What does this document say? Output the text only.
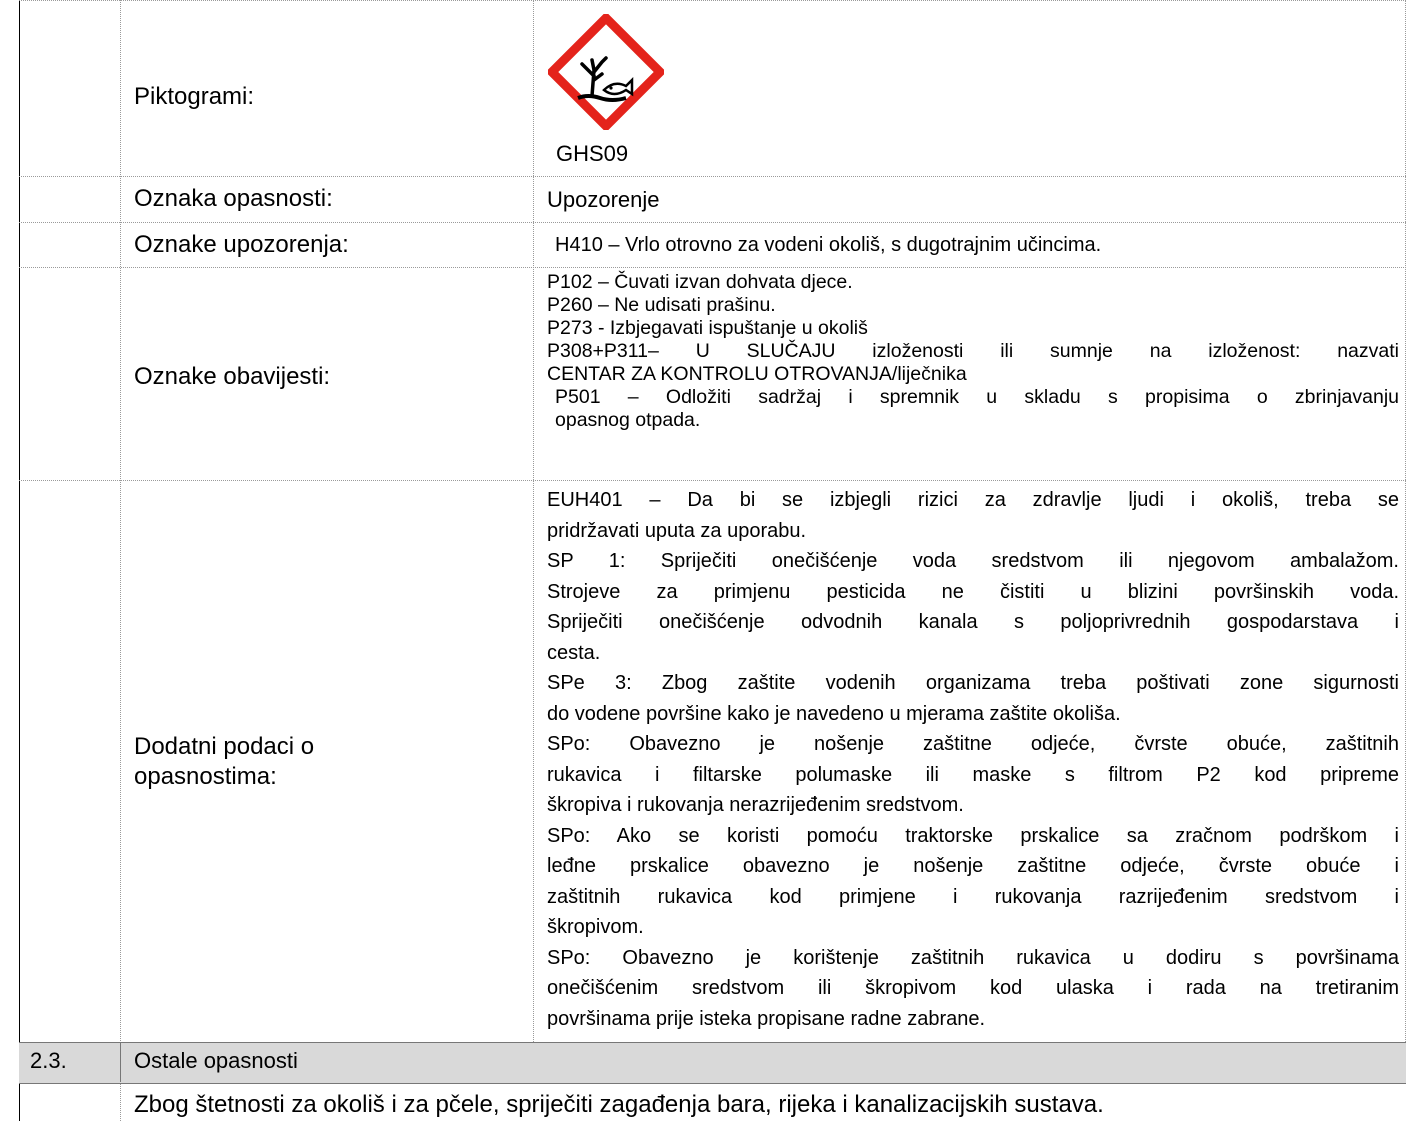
Piktogrami:
GHS09
Oznaka opasnosti:	Upozorenje
Oznake upozorenja:	H410 – Vrlo otrovno za vodeni okoliš, s dugotrajnim učincima.
Oznake obavijesti:
P102 – Čuvati izvan dohvata djece.
P260 – Ne udisati prašinu.
P273 - Izbjegavati ispuštanje u okoliš
P308+P311– U SLUČAJU izloženosti ili sumnje na izloženost: nazvati
CENTAR ZA KONTROLU OTROVANJA/liječnika
P501 – Odložiti sadržaj i spremnik u skladu s propisima o zbrinjavanju
opasnog otpada.
Dodatni podaci o
opasnostima:
EUH401 – Da bi se izbjegli rizici za zdravlje ljudi i okoliš, treba se
pridržavati uputa za uporabu.
SP 1: Spriječiti onečišćenje voda sredstvom ili njegovom ambalažom.
Strojeve za primjenu pesticida ne čistiti u blizini površinskih voda.
Spriječiti onečišćenje odvodnih kanala s poljoprivrednih gospodarstava i
cesta.
SPe 3: Zbog zaštite vodenih organizama treba poštivati zone sigurnosti
do vodene površine kako je navedeno u mjerama zaštite okoliša.
SPo: Obavezno je nošenje zaštitne odjeće, čvrste obuće, zaštitnih
rukavica i filtarske polumaske ili maske s filtrom P2 kod pripreme
škropiva i rukovanja nerazrijeđenim sredstvom.
SPo: Ako se koristi pomoću traktorske prskalice sa zračnom podrškom i
leđne prskalice obavezno je nošenje zaštitne odjeće, čvrste obuće i
zaštitnih rukavica kod primjene i rukovanja razrijeđenim sredstvom i
škropivom.
SPo: Obavezno je korištenje zaštitnih rukavica u dodiru s površinama
onečišćenim sredstvom ili škropivom kod ulaska i rada na tretiranim
površinama prije isteka propisane radne zabrane.
2.3.	Ostale opasnosti
Zbog štetnosti za okoliš i za pčele, spriječiti zagađenja bara, rijeka i kanalizacijskih sustava.
